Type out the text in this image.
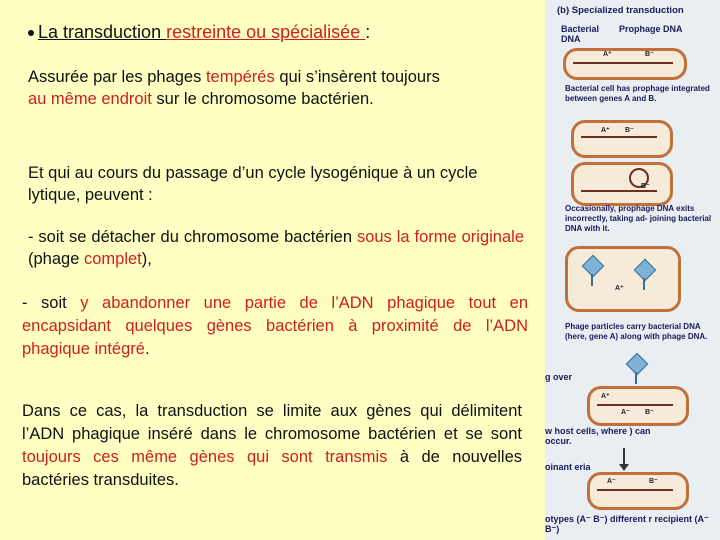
La transduction restreinte ou spécialisée :
Assurée par les phages tempérés qui s’insèrent toujours
au même endroit sur le chromosome bactérien.
Et qui au cours du passage d’un cycle lysogénique à un cycle lytique, peuvent :
- soit se détacher du chromosome bactérien sous la forme originale (phage complet),
- soit y abandonner une partie de l’ADN phagique tout en encapsidant quelques gènes bactérien à proximité de l’ADN phagique intégré.
Dans ce cas, la transduction se limite aux gènes qui délimitent l’ADN phagique inséré dans le chromosome bactérien et se sont toujours ces même gènes qui sont transmis à de nouvelles bactéries transduites.
(b) Specialized transduction
Bacterial DNA
Prophage DNA
A⁺	B⁻
Bacterial cell has prophage integrated between genes A and B.
A⁺ B⁻
B⁻
Occasionally, prophage DNA exits incorrectly, taking ad- joining bacterial DNA with it.
A⁺
Phage particles carry bacterial DNA (here, gene A) along with phage DNA.
g over
A⁺
A⁻ B⁻
w host cells, where ) can occur.
oinant eria
A⁻	B⁻
otypes (A⁻ B⁻) different r recipient (A⁻ B⁻)
